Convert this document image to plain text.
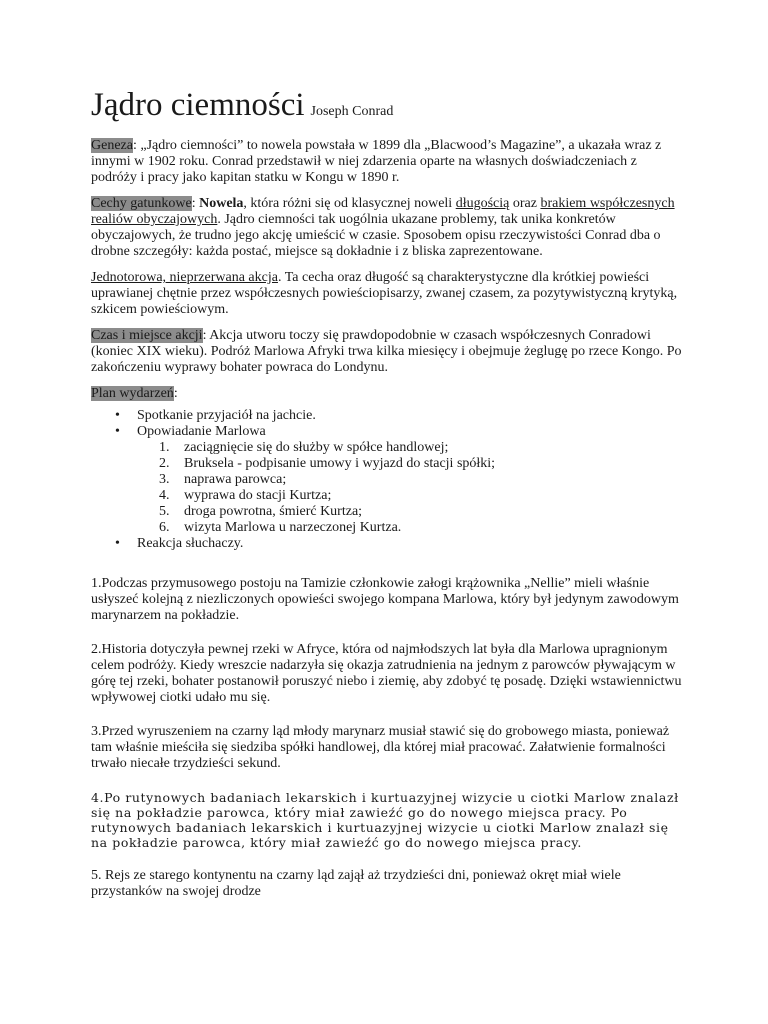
Jądro ciemności Joseph Conrad

Geneza: „Jądro ciemności” to nowela powstała w 1899 dla „Blacwood’s Magazine”, a ukazała wraz z innymi w 1902 roku. Conrad przedstawił w niej zdarzenia oparte na własnych doświadczeniach z podróży i pracy jako kapitan statku w Kongu w 1890 r.

Cechy gatunkowe: Nowela, która różni się od klasycznej noweli długością oraz brakiem współczesnych realiów obyczajowych. Jądro ciemności tak uogólnia ukazane problemy, tak unika konkretów obyczajowych, że trudno jego akcję umieścić w czasie. Sposobem opisu rzeczywistości Conrad dba o drobne szczegóły: każda postać, miejsce są dokładnie i z bliska zaprezentowane.

Jednotorowa, nieprzerwana akcja. Ta cecha oraz długość są charakterystyczne dla krótkiej powieści uprawianej chętnie przez współczesnych powieściopisarzy, zwanej czasem, za pozytywistyczną krytyką, szkicem powieściowym.

Czas i miejsce akcji: Akcja utworu toczy się prawdopodobnie w czasach współczesnych Conradowi (koniec XIX wieku). Podróż Marlowa Afryki trwa kilka miesięcy i obejmuje żeglugę po rzece Kongo. Po zakończeniu wyprawy bohater powraca do Londynu.

Plan wydarzeń:

• Spotkanie przyjaciół na jachcie.
• Opowiadanie Marlowa
1. zaciągnięcie się do służby w spółce handlowej;
2. Bruksela - podpisanie umowy i wyjazd do stacji spółki;
3. naprawa parowca;
4. wyprawa do stacji Kurtza;
5. droga powrotna, śmierć Kurtza;
6. wizyta Marlowa u narzeczonej Kurtza.
• Reakcja słuchaczy.

1.Podczas przymusowego postoju na Tamizie członkowie załogi krążownika „Nellie” mieli właśnie usłyszeć kolejną z niezliczonych opowieści swojego kompana Marlowa, który był jedynym zawodowym marynarzem na pokładzie.

2.Historia dotyczyła pewnej rzeki w Afryce, która od najmłodszych lat była dla Marlowa upragnionym celem podróży. Kiedy wreszcie nadarzyła się okazja zatrudnienia na jednym z parowców pływającym w górę tej rzeki, bohater postanowił poruszyć niebo i ziemię, aby zdobyć tę posadę. Dzięki wstawiennictwu wpływowej ciotki udało mu się.

3.Przed wyruszeniem na czarny ląd młody marynarz musiał stawić się do grobowego miasta, ponieważ tam właśnie mieściła się siedziba spółki handlowej, dla której miał pracować. Załatwienie formalności trwało niecałe trzydzieści sekund.

4.Po rutynowych badaniach lekarskich i kurtuazyjnej wizycie u ciotki Marlow znalazł się na pokładzie parowca, który miał zawieźć go do nowego miejsca pracy. Po rutynowych badaniach lekarskich i kurtuazyjnej wizycie u ciotki Marlow znalazł się na pokładzie parowca, który miał zawieźć go do nowego miejsca pracy.

5. Rejs ze starego kontynentu na czarny ląd zajął aż trzydzieści dni, ponieważ okręt miał wiele przystanków na swojej drodze
